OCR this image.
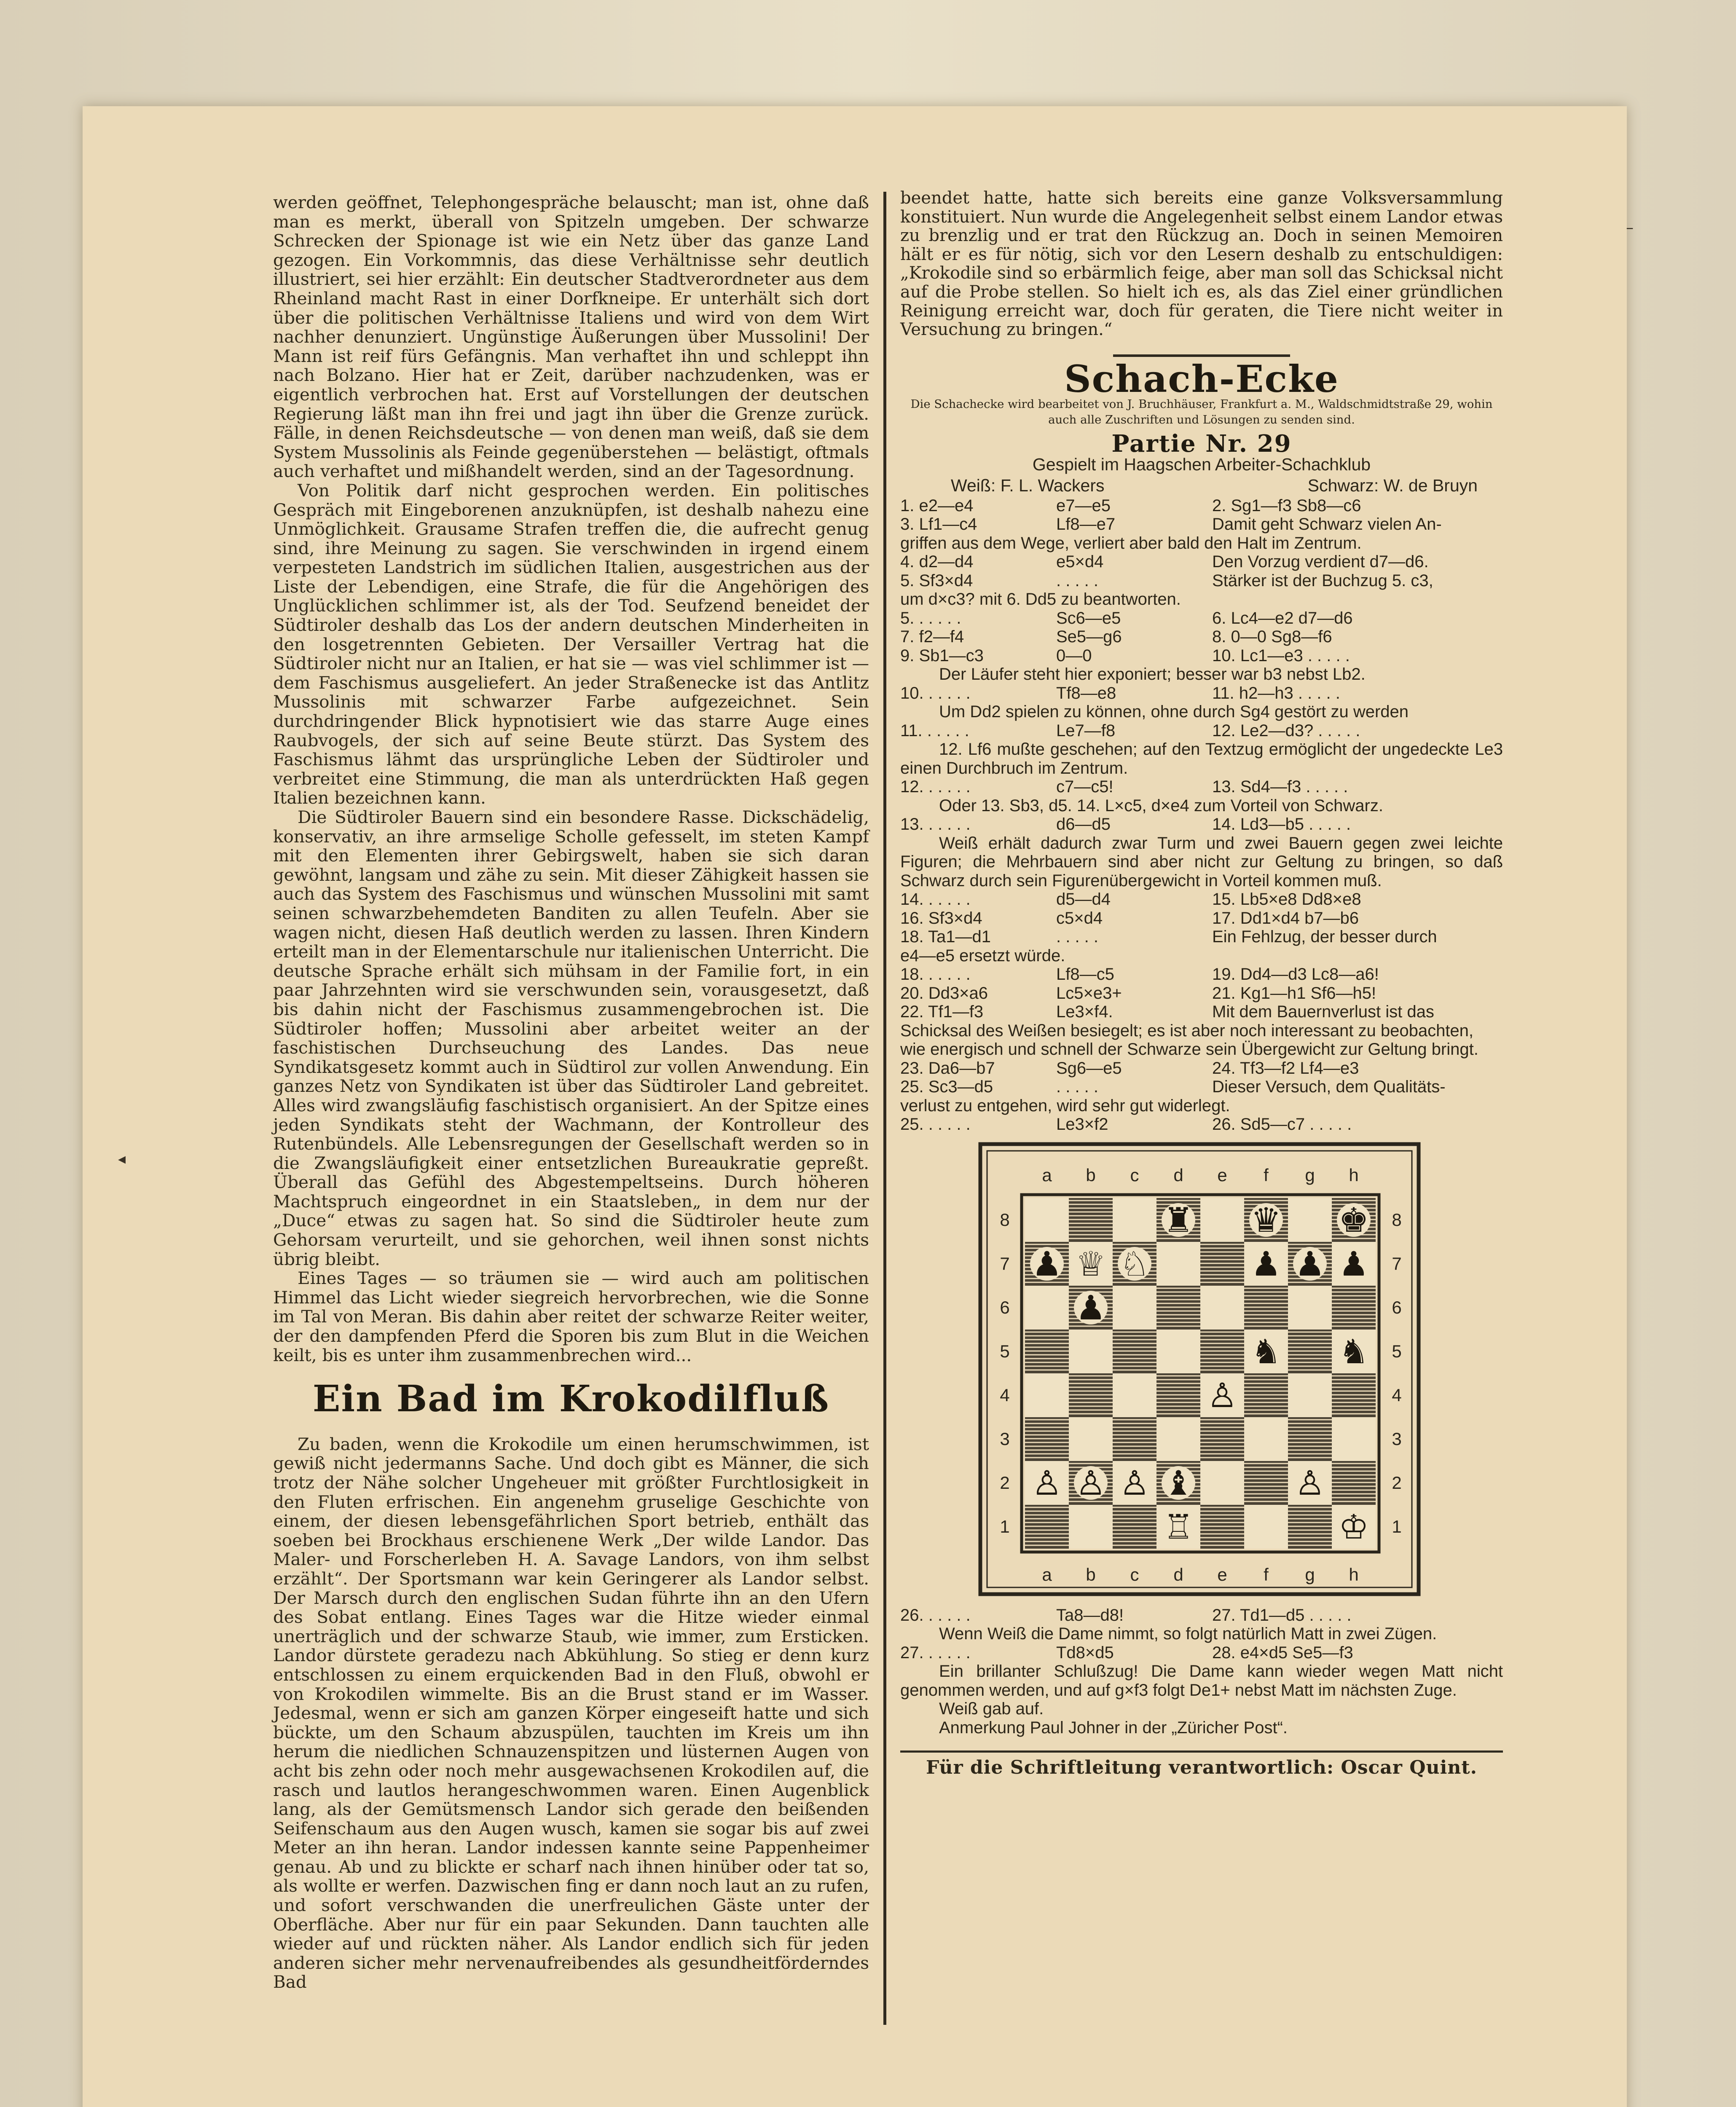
werden geöffnet, Telephongespräche belauscht; man ist, ohne daß man es merkt, überall von Spitzeln umgeben. Der schwarze Schrecken der Spionage ist wie ein Netz über das ganze Land gezogen. Ein Vorkommnis, das diese Verhältnisse sehr deutlich illustriert, sei hier erzählt: Ein deutscher Stadtverordneter aus dem Rheinland macht Rast in einer Dorfkneipe. Er unterhält sich dort über die politischen Verhältnisse Italiens und wird von dem Wirt nachher denunziert. Ungünstige Äußerungen über Mussolini! Der Mann ist reif fürs Gefängnis. Man verhaftet ihn und schleppt ihn nach Bolzano. Hier hat er Zeit, darüber nachzudenken, was er eigentlich verbrochen hat. Erst auf Vorstellungen der deutschen Regierung läßt man ihn frei und jagt ihn über die Grenze zurück. Fälle, in denen Reichsdeutsche — von denen man weiß, daß sie dem System Mussolinis als Feinde gegenüberstehen — belästigt, oftmals auch verhaftet und mißhandelt werden, sind an der Tagesordnung.

Von Politik darf nicht gesprochen werden. Ein politisches Gespräch mit Eingeborenen anzuknüpfen, ist deshalb nahezu eine Unmöglichkeit. Grausame Strafen treffen die, die aufrecht genug sind, ihre Meinung zu sagen. Sie verschwinden in irgend einem verpesteten Landstrich im südlichen Italien, ausgestrichen aus der Liste der Lebendigen, eine Strafe, die für die Angehörigen des Unglücklichen schlimmer ist, als der Tod. Seufzend beneidet der Südtiroler deshalb das Los der andern deutschen Minderheiten in den losgetrennten Gebieten. Der Versailler Vertrag hat die Südtiroler nicht nur an Italien, er hat sie — was viel schlimmer ist — dem Faschismus ausgeliefert. An jeder Straßenecke ist das Antlitz Mussolinis mit schwarzer Farbe aufgezeichnet. Sein durchdringender Blick hypnotisiert wie das starre Auge eines Raubvogels, der sich auf seine Beute stürzt. Das System des Faschismus lähmt das ursprüngliche Leben der Südtiroler und verbreitet eine Stimmung, die man als unterdrückten Haß gegen Italien bezeichnen kann.

Die Südtiroler Bauern sind ein besondere Rasse. Dickschädelig, konservativ, an ihre armselige Scholle gefesselt, im steten Kampf mit den Elementen ihrer Gebirgswelt, haben sie sich daran gewöhnt, langsam und zähe zu sein. Mit dieser Zähigkeit hassen sie auch das System des Faschismus und wünschen Mussolini mit samt seinen schwarzbehemdeten Banditen zu allen Teufeln. Aber sie wagen nicht, diesen Haß deutlich werden zu lassen. Ihren Kindern erteilt man in der Elementarschule nur italienischen Unterricht. Die deutsche Sprache erhält sich mühsam in der Familie fort, in ein paar Jahrzehnten wird sie verschwunden sein, vorausgesetzt, daß bis dahin nicht der Faschismus zusammengebrochen ist. Die Südtiroler hoffen; Mussolini aber arbeitet weiter an der faschistischen Durchseuchung des Landes. Das neue Syndikatsgesetz kommt auch in Südtirol zur vollen Anwendung. Ein ganzes Netz von Syndikaten ist über das Südtiroler Land gebreitet. Alles wird zwangsläufig faschistisch organisiert. An der Spitze eines jeden Syndikats steht der Wachmann, der Kontrolleur des Rutenbündels. Alle Lebensregungen der Gesellschaft werden so in die Zwangsläufigkeit einer entsetzlichen Bureaukratie gepreßt. Überall das Gefühl des Abgestempeltseins. Durch höheren Machtspruch eingeordnet in ein Staatsleben„ in dem nur der „Duce“ etwas zu sagen hat. So sind die Südtiroler heute zum Gehorsam verurteilt, und sie gehorchen, weil ihnen sonst nichts übrig bleibt.

Eines Tages — so träumen sie — wird auch am politischen Himmel das Licht wieder siegreich hervorbrechen, wie die Sonne im Tal von Meran. Bis dahin aber reitet der schwarze Reiter weiter, der den dampfenden Pferd die Sporen bis zum Blut in die Weichen keilt, bis es unter ihm zusammenbrechen wird...

Ein Bad im Krokodilfluß

Zu baden, wenn die Krokodile um einen herumschwimmen, ist gewiß nicht jedermanns Sache. Und doch gibt es Männer, die sich trotz der Nähe solcher Ungeheuer mit größter Furchtlosigkeit in den Fluten erfrischen. Ein angenehm gruselige Geschichte von einem, der diesen lebensgefährlichen Sport betrieb, enthält das soeben bei Brockhaus erschienene Werk „Der wilde Landor. Das Maler- und Forscherleben H. A. Savage Landors, von ihm selbst erzählt“. Der Sportsmann war kein Geringerer als Landor selbst. Der Marsch durch den englischen Sudan führte ihn an den Ufern des Sobat entlang. Eines Tages war die Hitze wieder einmal unerträglich und der schwarze Staub, wie immer, zum Ersticken. Landor dürstete geradezu nach Abkühlung. So stieg er denn kurz entschlossen zu einem erquickenden Bad in den Fluß, obwohl er von Krokodilen wimmelte. Bis an die Brust stand er im Wasser. Jedesmal, wenn er sich am ganzen Körper eingeseift hatte und sich bückte, um den Schaum abzuspülen, tauchten im Kreis um ihn herum die niedlichen Schnauzenspitzen und lüsternen Augen von acht bis zehn oder noch mehr ausgewachsenen Krokodilen auf, die rasch und lautlos herangeschwommen waren. Einen Augenblick lang, als der Gemütsmensch Landor sich gerade den beißenden Seifenschaum aus den Augen wusch, kamen sie sogar bis auf zwei Meter an ihn heran. Landor indessen kannte seine Pappenheimer genau. Ab und zu blickte er scharf nach ihnen hinüber oder tat so, als wollte er werfen. Dazwischen fing er dann noch laut an zu rufen, und sofort verschwanden die unerfreulichen Gäste unter der Oberfläche. Aber nur für ein paar Sekunden. Dann tauchten alle wieder auf und rückten näher. Als Landor endlich sich für jeden anderen sicher mehr nervenaufreibendes als gesundheitförderndes Bad

beendet hatte, hatte sich bereits eine ganze Volksversammlung konstituiert. Nun wurde die Angelegenheit selbst einem Landor etwas zu brenzlig und er trat den Rückzug an. Doch in seinen Memoiren hält er es für nötig, sich vor den Lesern deshalb zu entschuldigen: „Krokodile sind so erbärmlich feige, aber man soll das Schicksal nicht auf die Probe stellen. So hielt ich es, als das Ziel einer gründlichen Reinigung erreicht war, doch für geraten, die Tiere nicht weiter in Versuchung zu bringen.“

Schach-Ecke
Die Schachecke wird bearbeitet von J. Bruchhäuser, Frankfurt a. M., Waldschmidtstraße 29, wohin auch alle Zuschriften und Lösungen zu senden sind.
Partie Nr. 29
Gespielt im Haagschen Arbeiter-Schachklub
Weiß: F. L. Wackers	Schwarz: W. de Bruyn
1. e2—e4	e7—e5	2. Sg1—f3 Sb8—c6
3. Lf1—c4	Lf8—e7	Damit geht Schwarz vielen An-
griffen aus dem Wege, verliert aber bald den Halt im Zentrum.
4. d2—d4	e5×d4	Den Vorzug verdient d7—d6.
5. Sf3×d4	. . . . .	Stärker ist der Buchzug 5. c3,
um d×c3? mit 6. Dd5 zu beantworten.
5. . . . . .	Sc6—e5	6. Lc4—e2 d7—d6
7. f2—f4	Se5—g6	8. 0—0 Sg8—f6
9. Sb1—c3	0—0	10. Lc1—e3 . . . . .
Der Läufer steht hier exponiert; besser war b3 nebst Lb2.
10. . . . . .	Tf8—e8	11. h2—h3 . . . . .
Um Dd2 spielen zu können, ohne durch Sg4 gestört zu werden
11. . . . . .	Le7—f8	12. Le2—d3? . . . . .
12. Lf6 mußte geschehen; auf den Textzug ermöglicht der ungedeckte Le3 einen Durchbruch im Zentrum.
12. . . . . .	c7—c5!	13. Sd4—f3 . . . . .
Oder 13. Sb3, d5. 14. L×c5, d×e4 zum Vorteil von Schwarz.
13. . . . . .	d6—d5	14. Ld3—b5 . . . . .
Weiß erhält dadurch zwar Turm und zwei Bauern gegen zwei leichte Figuren; die Mehrbauern sind aber nicht zur Geltung zu bringen, so daß Schwarz durch sein Figurenübergewicht in Vorteil kommen muß.
14. . . . . .	d5—d4	15. Lb5×e8 Dd8×e8
16. Sf3×d4	c5×d4	17. Dd1×d4 b7—b6
18. Ta1—d1	. . . . .	Ein Fehlzug, der besser durch
e4—e5 ersetzt würde.
18. . . . . .	Lf8—c5	19. Dd4—d3 Lc8—a6!
20. Dd3×a6	Lc5×e3+	21. Kg1—h1 Sf6—h5!
22. Tf1—f3	Le3×f4.	Mit dem Bauernverlust ist das
Schicksal des Weißen besiegelt; es ist aber noch interessant zu beobachten, wie energisch und schnell der Schwarze sein Übergewicht zur Geltung bringt.
23. Da6—b7	Sg6—e5	24. Tf3—f2 Lf4—e3
25. Sc3—d5	. . . . .	Dieser Versuch, dem Qualitäts-
verlust zu entgehen, wird sehr gut widerlegt.
25. . . . . .	Le3×f2	26. Sd5—c7 . . . . .
a
a
b
b
c
c
d
d
e
e
f
f
g
g
h
h
8	8
7	7
6	6
5	5
4	4
3	3
2	2
1	1
♜ ♛ ♚
♟ ♕ ♘	♟ ♟ ♟
♟
♞ ♞
♙
♙ ♙ ♙ ♝	♙
♖	♔
26. . . . . .	Ta8—d8!	27. Td1—d5 . . . . .
Wenn Weiß die Dame nimmt, so folgt natürlich Matt in zwei Zügen.
27. . . . . .	Td8×d5	28. e4×d5 Se5—f3
Ein brillanter Schlußzug! Die Dame kann wieder wegen Matt nicht genommen werden, und auf g×f3 folgt De1+ nebst Matt im nächsten Zuge.
Weiß gab auf.
Anmerkung Paul Johner in der „Züricher Post“.
Für die Schriftleitung verantwortlich: Oscar Quint.
–
◂
